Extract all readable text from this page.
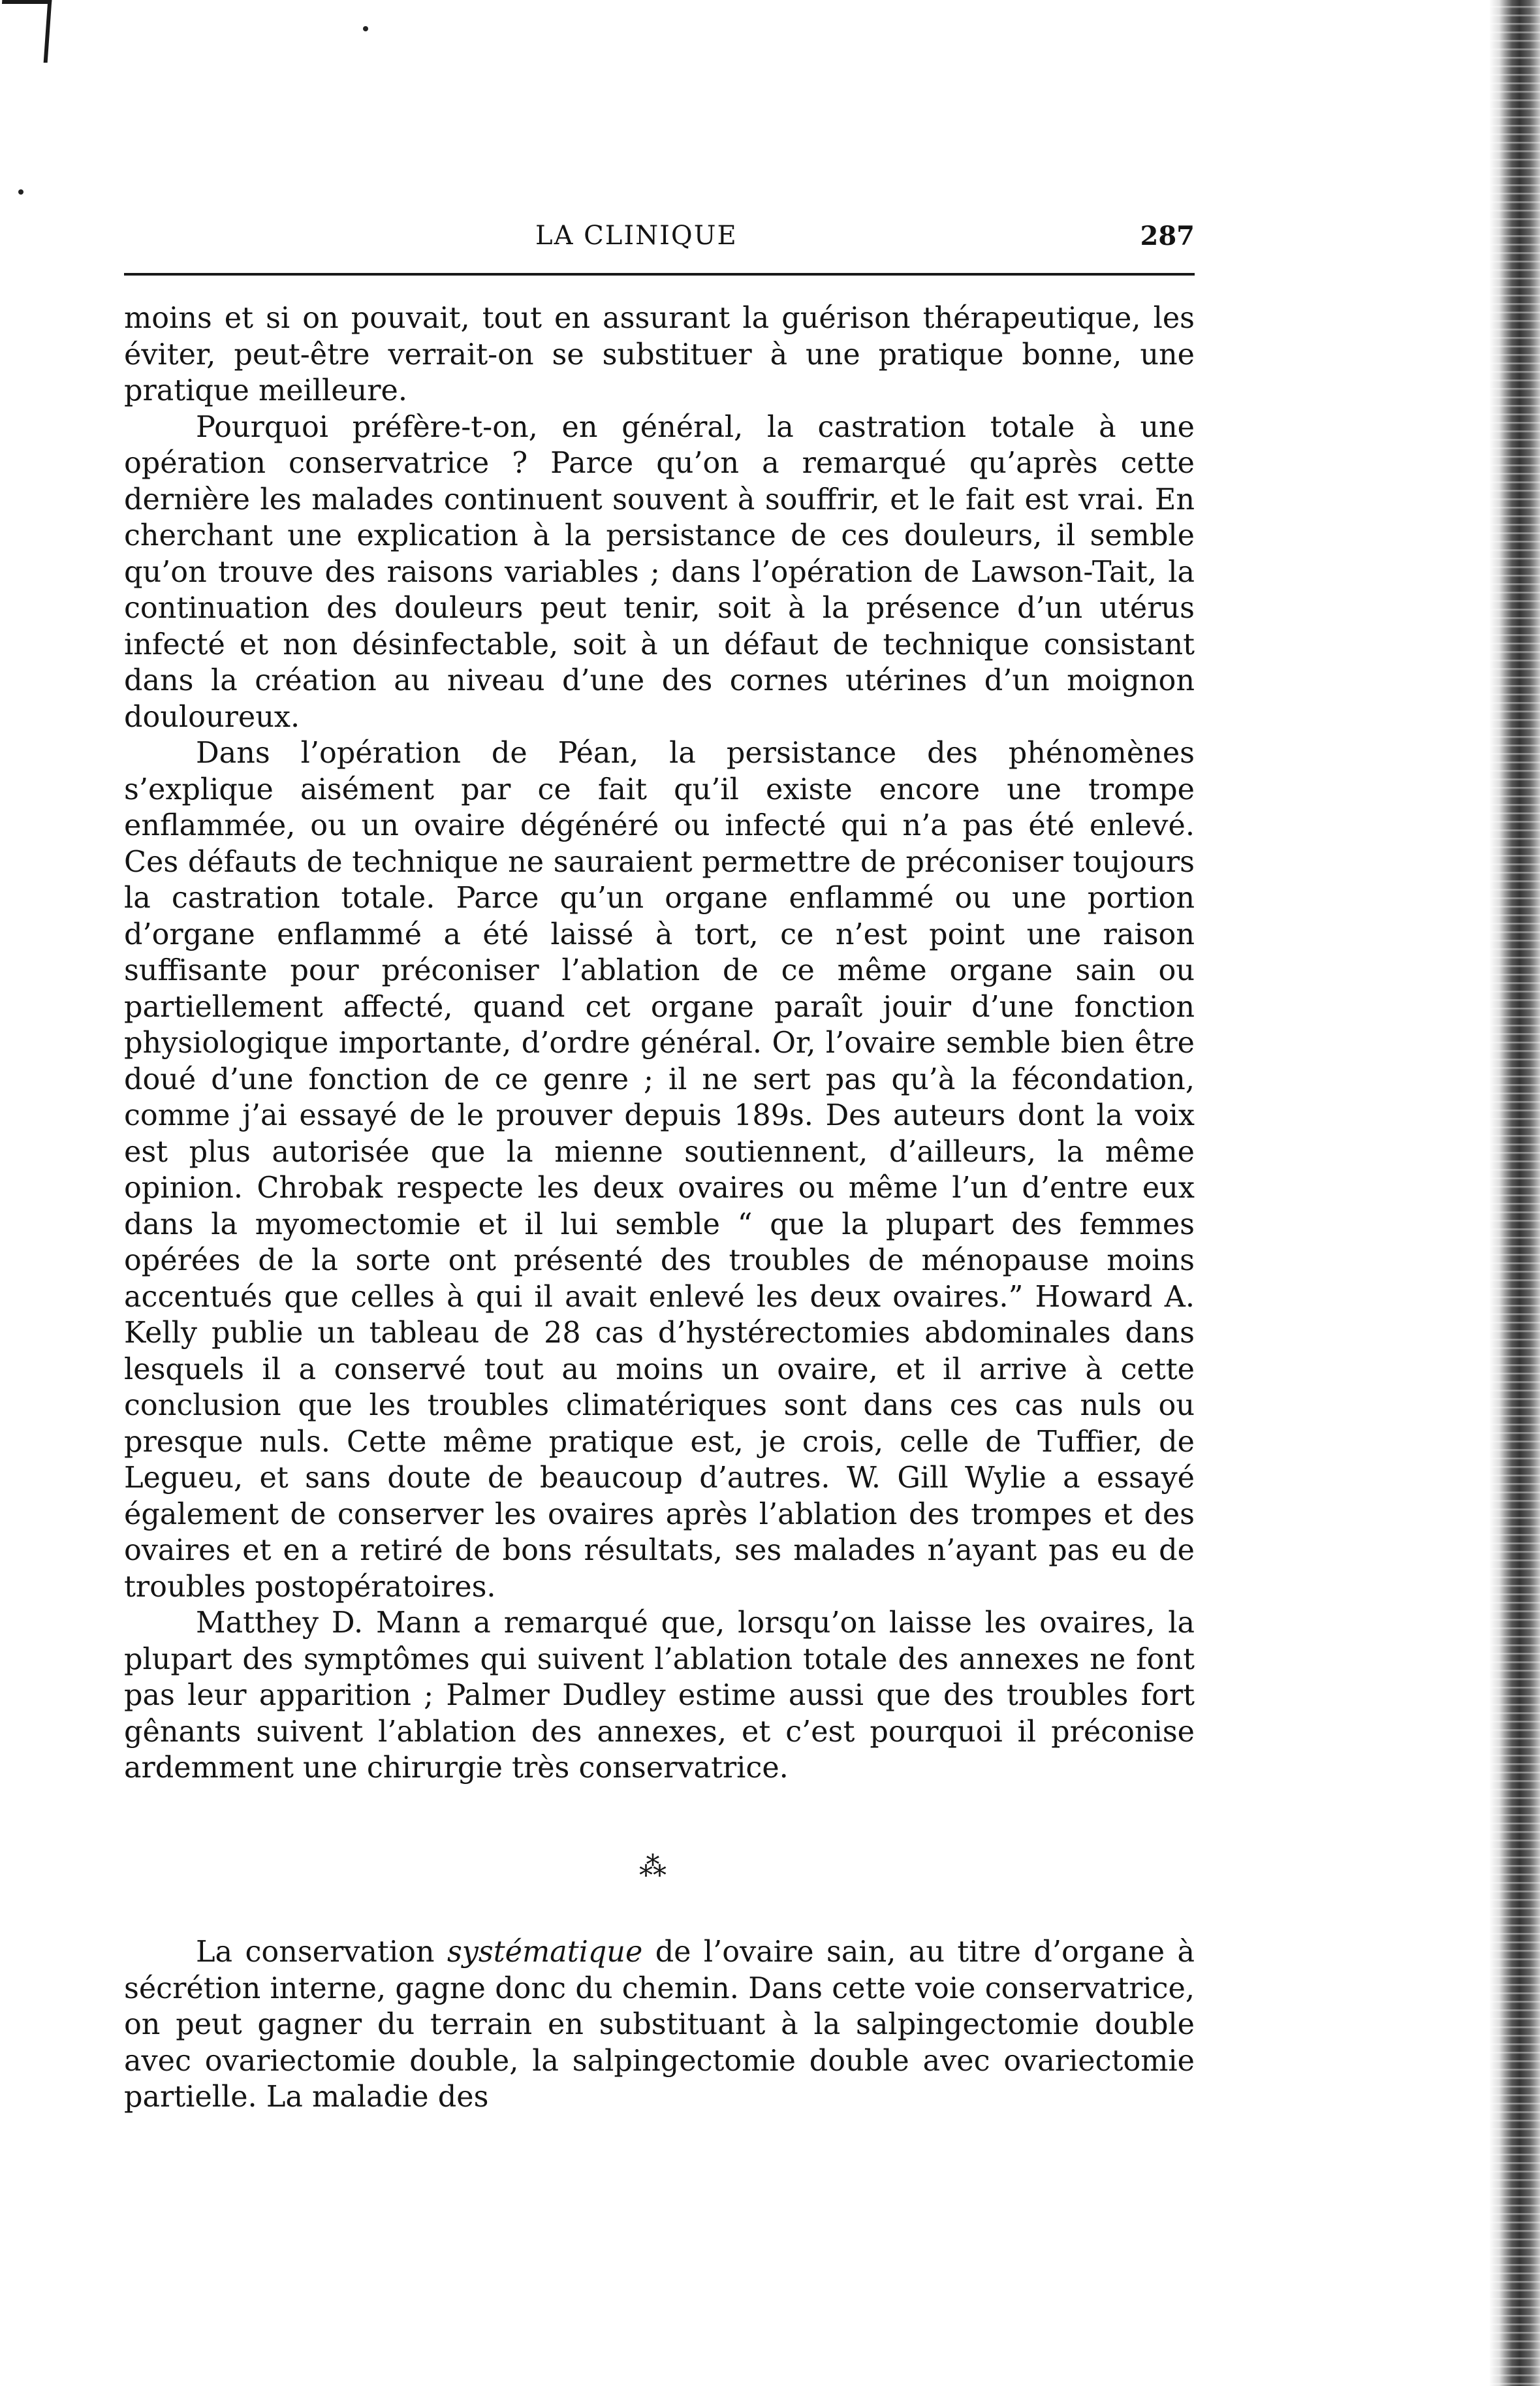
LA CLINIQUE	287

moins et si on pouvait, tout en assurant la guérison thérapeutique, les éviter, peut-être verrait-on se substituer à une pratique bonne, une pratique meilleure.

Pourquoi préfère-t-on, en général, la castration totale à une opération conservatrice ? Parce qu’on a remarqué qu’après cette dernière les malades continuent souvent à souffrir, et le fait est vrai. En cherchant une explication à la persistance de ces douleurs, il semble qu’on trouve des raisons variables ; dans l’opération de Lawson-Tait, la continuation des douleurs peut tenir, soit à la présence d’un utérus infecté et non désinfectable, soit à un défaut de technique consistant dans la création au niveau d’une des cornes utérines d’un moignon douloureux.

Dans l’opération de Péan, la persistance des phénomènes s’explique aisément par ce fait qu’il existe encore une trompe enflammée, ou un ovaire dégénéré ou infecté qui n’a pas été enlevé. Ces défauts de technique ne sauraient permettre de préconiser toujours la castration totale. Parce qu’un organe enflammé ou une portion d’organe enflammé a été laissé à tort, ce n’est point une raison suffisante pour préconiser l’ablation de ce même organe sain ou partiellement affecté, quand cet organe paraît jouir d’une fonction physiologique importante, d’ordre général. Or, l’ovaire semble bien être doué d’une fonction de ce genre ; il ne sert pas qu’à la fécondation, comme j’ai essayé de le prouver depuis 189s. Des auteurs dont la voix est plus autorisée que la mienne soutiennent, d’ailleurs, la même opinion. Chrobak respecte les deux ovaires ou même l’un d’entre eux dans la myomectomie et il lui semble “ que la plupart des femmes opérées de la sorte ont présenté des troubles de ménopause moins accentués que celles à qui il avait enlevé les deux ovaires.” Howard A. Kelly publie un tableau de 28 cas d’hystérectomies abdominales dans lesquels il a conservé tout au moins un ovaire, et il arrive à cette conclusion que les troubles climatériques sont dans ces cas nuls ou presque nuls. Cette même pratique est, je crois, celle de Tuffier, de Legueu, et sans doute de beaucoup d’autres. W. Gill Wylie a essayé également de conserver les ovaires après l’ablation des trompes et des ovaires et en a retiré de bons résultats, ses malades n’ayant pas eu de troubles postopératoires.

Matthey D. Mann a remarqué que, lorsqu’on laisse les ovaires, la plupart des symptômes qui suivent l’ablation totale des annexes ne font pas leur apparition ; Palmer Dudley estime aussi que des troubles fort gênants suivent l’ablation des annexes, et c’est pourquoi il préconise ardemment une chirurgie très conservatrice.

⁂

La conservation systématique de l’ovaire sain, au titre d’organe à sécrétion interne, gagne donc du chemin. Dans cette voie conservatrice, on peut gagner du terrain en substituant à la salpingectomie double avec ovariectomie double, la salpingectomie double avec ovariectomie partielle. La maladie des
